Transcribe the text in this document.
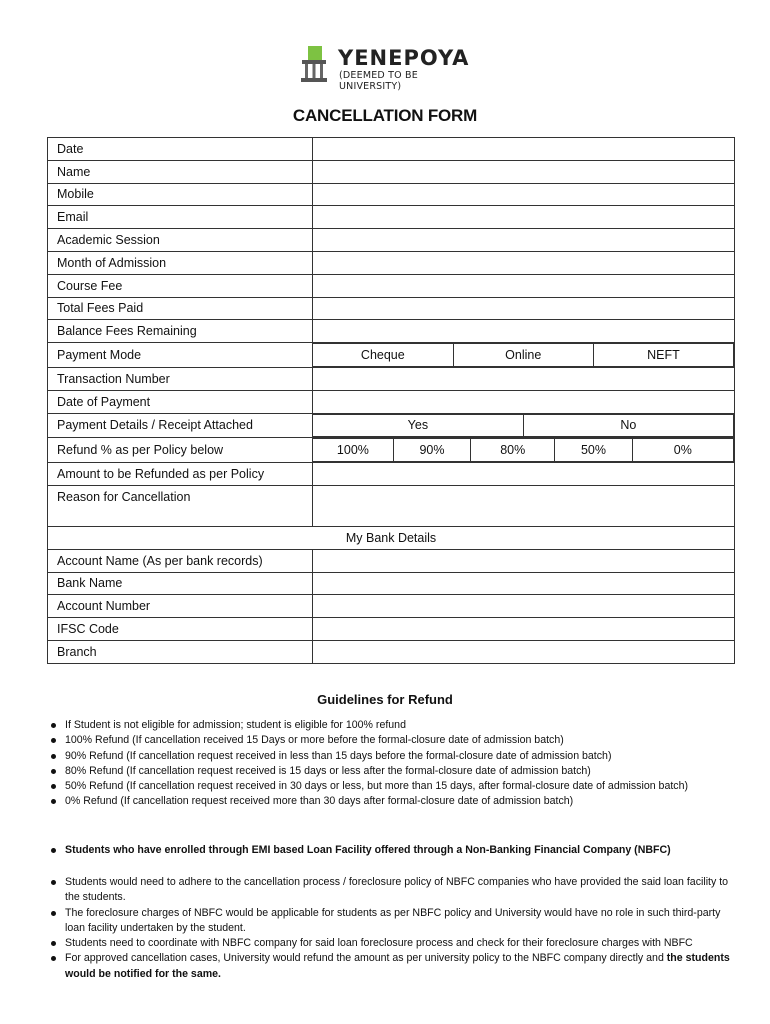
YENEPOYA
(DEEMED TO BE UNIVERSITY)
CANCELLATION FORM
Date	
Name	
Mobile	
Email	
Academic Session	
Month of Admission	
Course Fee	
Total Fees Paid	
Balance Fees Remaining	
Payment Mode		Cheque	Online	NEFT

Transaction Number	
Date of Payment	
Payment Details / Receipt Attached		Yes	No

Refund % as per Policy below		100%	90%	80%	50%	0%

Amount to be Refunded as per Policy	
Reason for Cancellation	
My Bank Details
Account Name (As per bank records)	
Bank Name	
Account Number	
IFSC Code	
Branch	
Guidelines for Refund
If Student is not eligible for admission; student is eligible for 100% refund
100% Refund (If cancellation received 15 Days or more before the formal-closure date of admission batch)
90% Refund (If cancellation request received in less than 15 days before the formal-closure date of admission batch)
80% Refund (If cancellation request received is 15 days or less after the formal-closure date of admission batch)
50% Refund (If cancellation request received in 30 days or less, but more than 15 days, after formal-closure date of admission batch)
0% Refund (If cancellation request received more than 30 days after formal-closure date of admission batch)
Students who have enrolled through EMI based Loan Facility offered through a Non-Banking Financial Company (NBFC)
Students would need to adhere to the cancellation process / foreclosure policy of NBFC companies who have provided the said loan facility to the students.
The foreclosure charges of NBFC would be applicable for students as per NBFC policy and University would have no role in such third-party loan facility undertaken by the student.
Students need to coordinate with NBFC company for said loan foreclosure process and check for their foreclosure charges with NBFC
For approved cancellation cases, University would refund the amount as per university policy to the NBFC company directly and the students would be notified for the same.
